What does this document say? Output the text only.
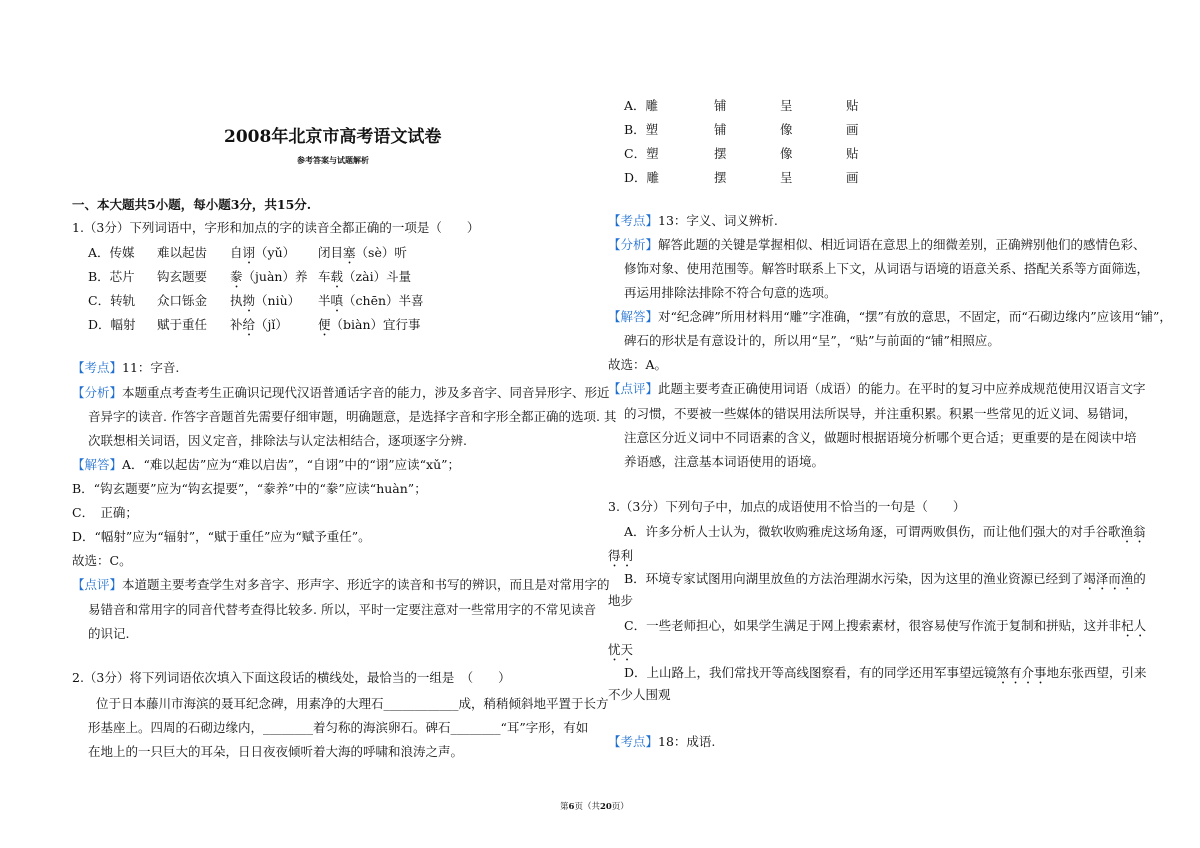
2008年北京市高考语文试卷
参考答案与试题解析
一、本大题共5小题，每小题3分，共15分.
1.（3分）下列词语中，字形和加点的字的读音全都正确的一项是（　　）
A．传媒 难以起齿 自诩（yǔ） 闭目塞（sè）听
B．芯片 钩玄题要 豢（juàn）养 车载（zài）斗量
C．转轨 众口铄金 执拗（niù） 半嗔（chēn）半喜
D．幅射 赋于重任 补给（jǐ） 便（biàn）宜行事
【考点】11：字音.
【分析】本题重点考查考生正确识记现代汉语普通话字音的能力，涉及多音字、同音异形字、形近
音异字的读音. 作答字音题首先需要仔细审题，明确题意，是选择字音和字形全都正确的选项. 其
次联想相关词语，因义定音，排除法与认定法相结合，逐项逐字分辨.
【解答】A．“难以起齿”应为“难以启齿”，“自诩”中的“诩”应读“xǔ”；
B．“钩玄题要”应为“钩玄提要”，“豢养”中的“豢”应读“huàn”；
C．　正确；
D．“幅射”应为“辐射”，“赋于重任”应为“赋予重任”。
故选：C。
【点评】本道题主要考查学生对多音字、形声字、形近字的读音和书写的辨识，而且是对常用字的
易错音和常用字的同音代替考查得比较多. 所以，平时一定要注意对一些常用字的不常见读音
的识记.
2.（3分）将下列词语依次填入下面这段话的横线处，最恰当的一组是　（　　）
位于日本藤川市海滨的聂耳纪念碑，用素净的大理石____________成，稍稍倾斜地平置于长方
形基座上。四周的石砌边缘内，________着匀称的海滨卵石。碑石________“耳”字形，有如
在地上的一只巨大的耳朵，日日夜夜倾听着大海的呼啸和浪涛之声。
A．雕	铺	呈	贴
B．塑	铺	像	画
C．塑	摆	像	贴
D．雕	摆	呈	画
【考点】13：字义、词义辨析.
【分析】解答此题的关键是掌握相似、相近词语在意思上的细微差别，正确辨别他们的感情色彩、
修饰对象、使用范围等。解答时联系上下文，从词语与语境的语意关系、搭配关系等方面筛选，
再运用排除法排除不符合句意的选项。
【解答】对“纪念碑”所用材料用“雕”字准确，“摆”有放的意思，不固定，而“石砌边缘内”应该用“铺”，
碑石的形状是有意设计的，所以用“呈”，“贴”与前面的“铺”相照应。
故选：A。
【点评】此题主要考查正确使用词语（成语）的能力。在平时的复习中应养成规范使用汉语言文字
的习惯，不要被一些媒体的错误用法所误导，并注重积累。积累一些常见的近义词、易错词，
注意区分近义词中不同语素的含义，做题时根据语境分析哪个更合适；更重要的是在阅读中培
养语感，注意基本词语使用的语境。
3.（3分）下列句子中，加点的成语使用不恰当的一句是（　　）
A．许多分析人士认为，微软收购雅虎这场角逐，可谓两败俱伤，而让他们强大的对手谷歌渔翁
得利
B．环境专家试图用向湖里放鱼的方法治理湖水污染，因为这里的渔业资源已经到了竭泽而渔的
地步
C．一些老师担心，如果学生满足于网上搜索素材，很容易使写作流于复制和拼贴，这并非杞人
忧天
D．上山路上，我们常找开等高线图察看，有的同学还用军事望远镜煞有介事地东张西望，引来
不少人围观
【考点】18：成语.
第6页（共20页）
